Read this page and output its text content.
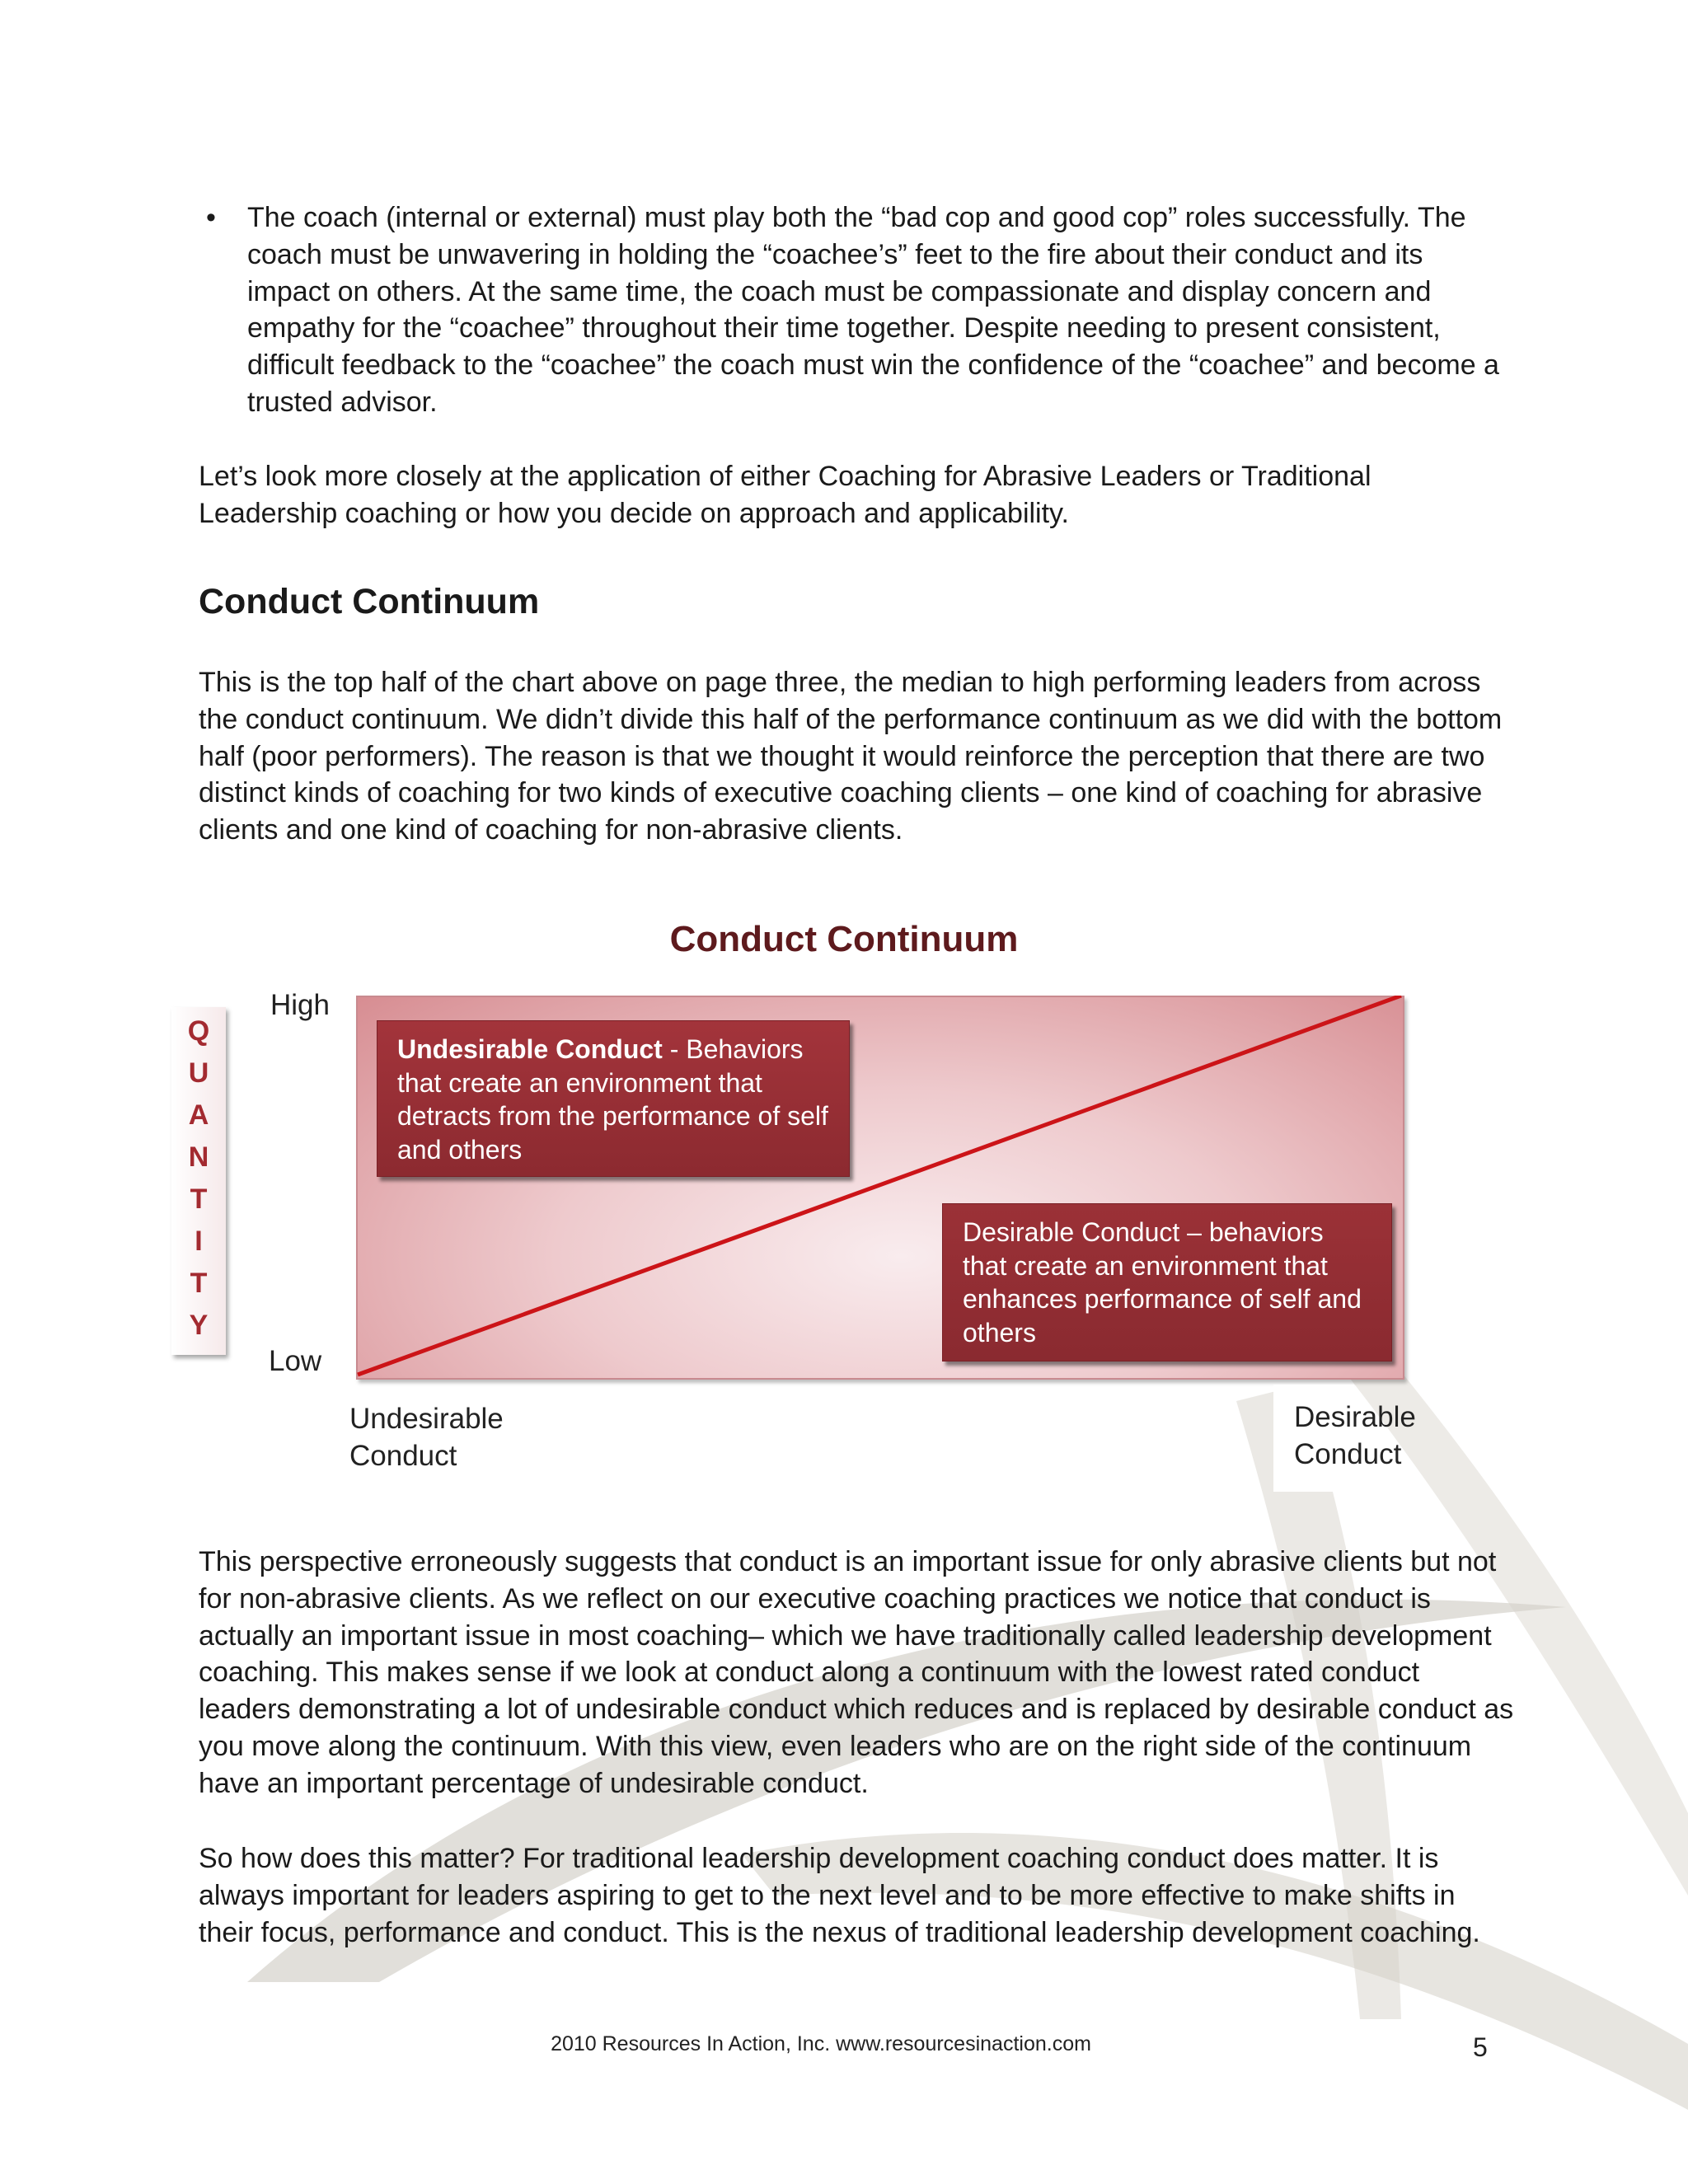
• The coach (internal or external) must play both the “bad cop and good cop” roles successfully. The coach must be unwavering in holding the “coachee’s” feet to the fire about their conduct and its impact on others. At the same time, the coach must be compassionate and display concern and empathy for the “coachee” throughout their time together. Despite needing to present consistent, difficult feedback to the “coachee” the coach must win the confidence of the “coachee” and become a trusted advisor.

Let’s look more closely at the application of either Coaching for Abrasive Leaders or Traditional Leadership coaching or how you decide on approach and applicability.

Conduct Continuum

This is the top half of the chart above on page three, the median to high performing leaders from across the conduct continuum. We didn’t divide this half of the performance continuum as we did with the bottom half (poor performers). The reason is that we thought it would reinforce the perception that there are two distinct kinds of coaching for two kinds of executive coaching clients – one kind of coaching for abrasive clients and one kind of coaching for non-abrasive clients.

Conduct Continuum
High
Low
Q
U
A
N
T
I
T
Y
Undesirable Conduct - Behaviors that create an environment that detracts from the performance of self and others
Desirable Conduct – behaviors that create an environment that enhances performance of self and others
Undesirable
Conduct
Desirable
Conduct

This perspective erroneously suggests that conduct is an important issue for only abrasive clients but not for non-abrasive clients. As we reflect on our executive coaching practices we notice that conduct is actually an important issue in most coaching– which we have traditionally called leadership development coaching. This makes sense if we look at conduct along a continuum with the lowest rated conduct leaders demonstrating a lot of undesirable conduct which reduces and is replaced by desirable conduct as you move along the continuum. With this view, even leaders who are on the right side of the continuum have an important percentage of undesirable conduct.

So how does this matter? For traditional leadership development coaching conduct does matter. It is always important for leaders aspiring to get to the next level and to be more effective to make shifts in their focus, performance and conduct. This is the nexus of traditional leadership development coaching.

2010 Resources In Action, Inc. www.resourcesinaction.com	5
